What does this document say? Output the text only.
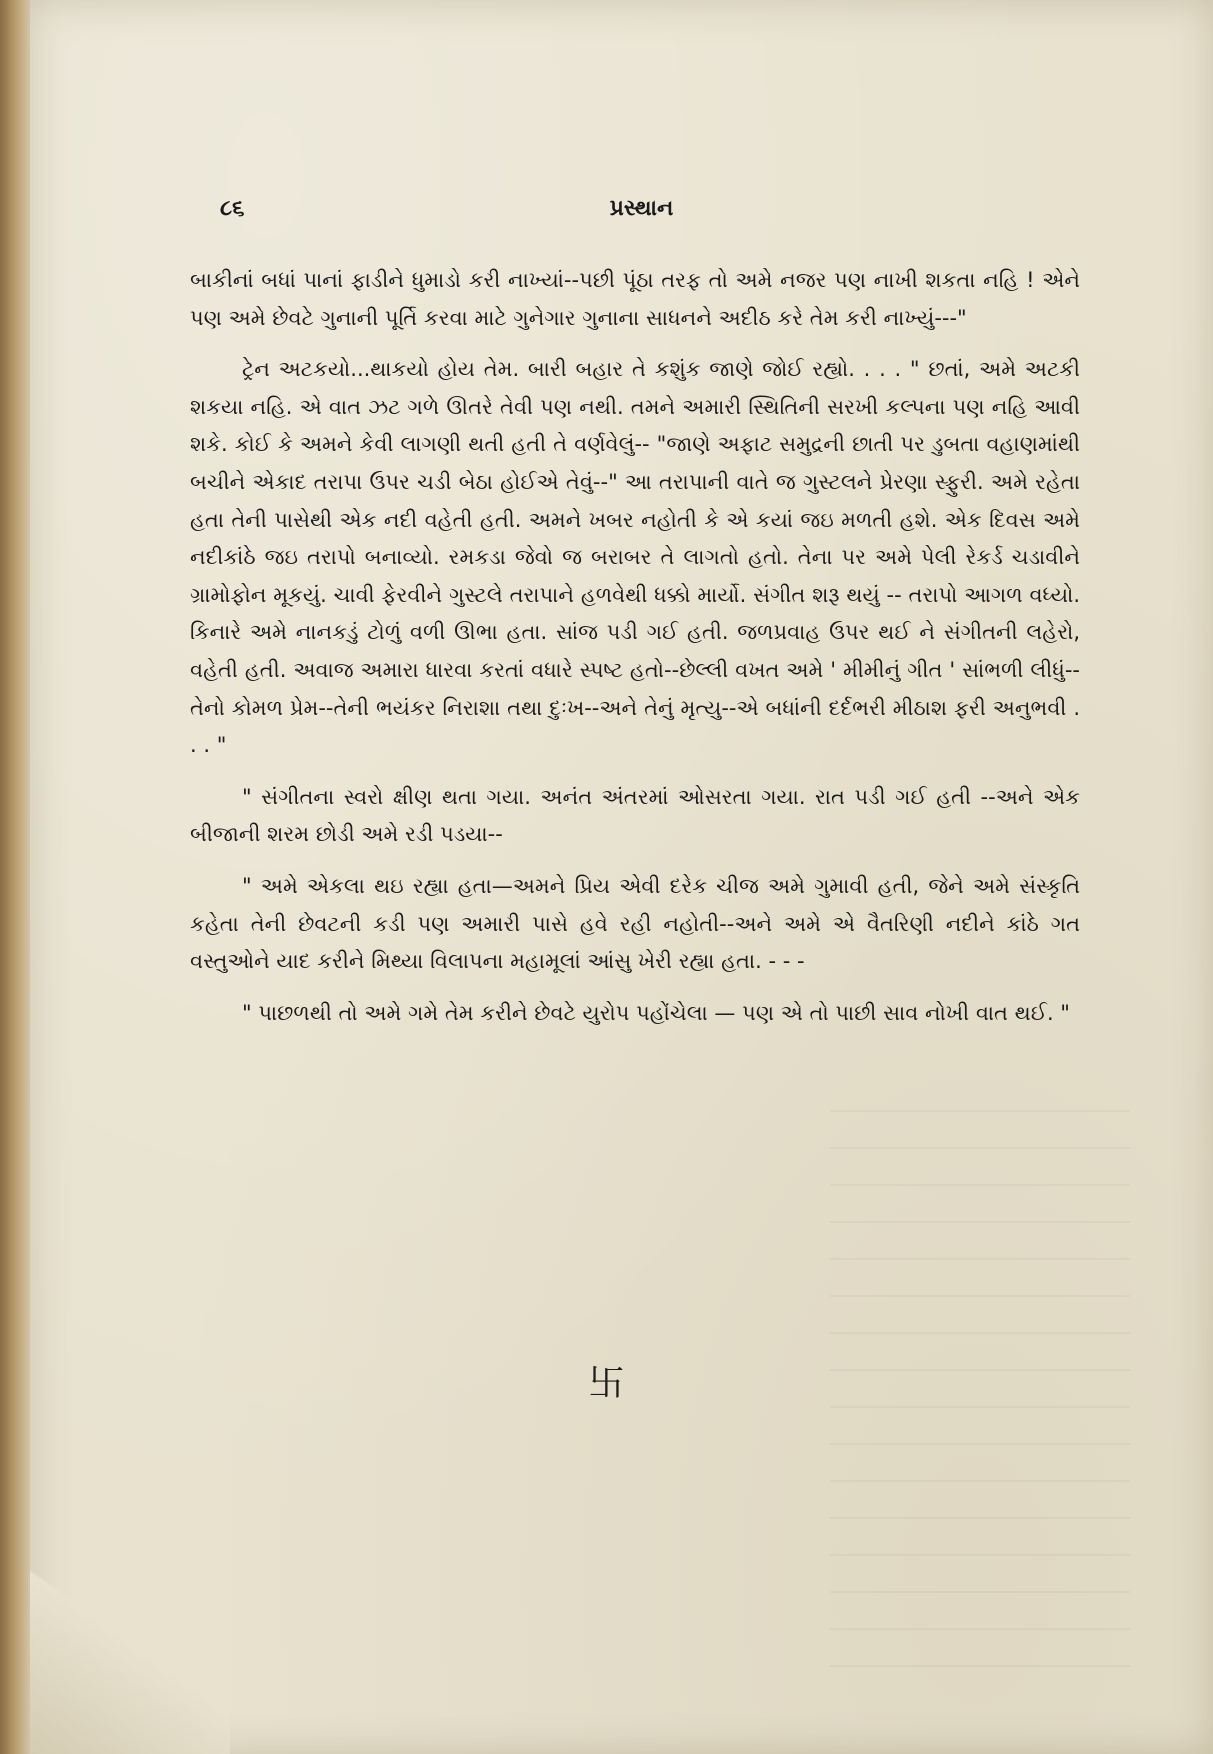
૮૬	પ્રસ્થાન

બાકીનાં બધાં પાનાં ફાડીને ધુમાડો કરી નાખ્યાં--પછી પૂંઠા તરફ તો અમે નજર પણ નાખી શકતા નહિ ! એને પણ અમે છેવટે ગુનાની પૂર્તિ કરવા માટે ગુનેગાર ગુનાના સાધનને અદીઠ કરે તેમ કરી નાખ્યું---"

ટ્રેન અટકયો...થાકયો હોય તેમ. બારી બહાર તે કશુંક જાણે જોઈ રહ્યો. . . . " છતાં, અમે અટકી શકયા નહિ. એ વાત ઝટ ગળે ઊતરે તેવી પણ નથી. તમને અમારી સ્થિતિની સરખી કલ્પના પણ નહિ આવી શકે. કોઈ કે અમને કેવી લાગણી થતી હતી તે વર્ણવેલું-- "જાણે અફાટ સમુદ્રની છાતી પર ડુબતા વહાણમાંથી બચીને એકાદ તરાપા ઉપર ચડી બેઠા હોઈએ તેવું--" આ તરાપાની વાતે જ ગુસ્ટલને પ્રેરણા સ્ફુરી. અમે રહેતા હતા તેની પાસેથી એક નદી વહેતી હતી. અમને ખબર નહોતી કે એ કયાં જઇ મળતી હશે. એક દિવસ અમે નદીકાંઠે જઇ તરાપો બનાવ્યો. રમકડા જેવો જ બરાબર તે લાગતો હતો. તેના પર અમે પેલી રેકર્ડ ચડાવીને ગ્રામોફોન મૂકયું. ચાવી ફેરવીને ગુસ્ટલે તરાપાને હળવેથી ધક્કો માર્યો. સંગીત શરૂ થયું -- તરાપો આગળ વધ્યો. કિનારે અમે નાનકડું ટોળું વળી ઊભા હતા. સાંજ પડી ગઈ હતી. જળપ્રવાહ ઉપર થઈ ને સંગીતની લહેરો, વહેતી હતી. અવાજ અમારા ધારવા કરતાં વધારે સ્પષ્ટ હતો--છેલ્લી વખત અમે ' મીમીનું ગીત ' સાંભળી લીધું-- તેનો કોમળ પ્રેમ--તેની ભયંકર નિરાશા તથા દુઃખ--અને તેનું મૃત્યુ--એ બધાંની દર્દભરી મીઠાશ ફરી અનુભવી . . . "

" સંગીતના સ્વરો ક્ષીણ થતા ગયા. અનંત અંતરમાં ઓસરતા ગયા. રાત પડી ગઈ હતી --અને એક બીજાની શરમ છોડી અમે રડી પડયા--

" અમે એકલા થઇ રહ્યા હતા—અમને પ્રિય એવી દરેક ચીજ અમે ગુમાવી હતી, જેને અમે સંસ્કૃતિ કહેતા તેની છેવટની કડી પણ અમારી પાસે હવે રહી નહોતી--અને અમે એ વૈતરિણી નદીને કાંઠે ગત વસ્તુઓને યાદ કરીને મિથ્યા વિલાપના મહામૂલાં આંસુ ખેરી રહ્યા હતા. - - -

" પાછળથી તો અમે ગમે તેમ કરીને છેવટે યુરોપ પહોંચેલા — પણ એ તો પાછી સાવ નોખી વાત થઈ. "

卐
